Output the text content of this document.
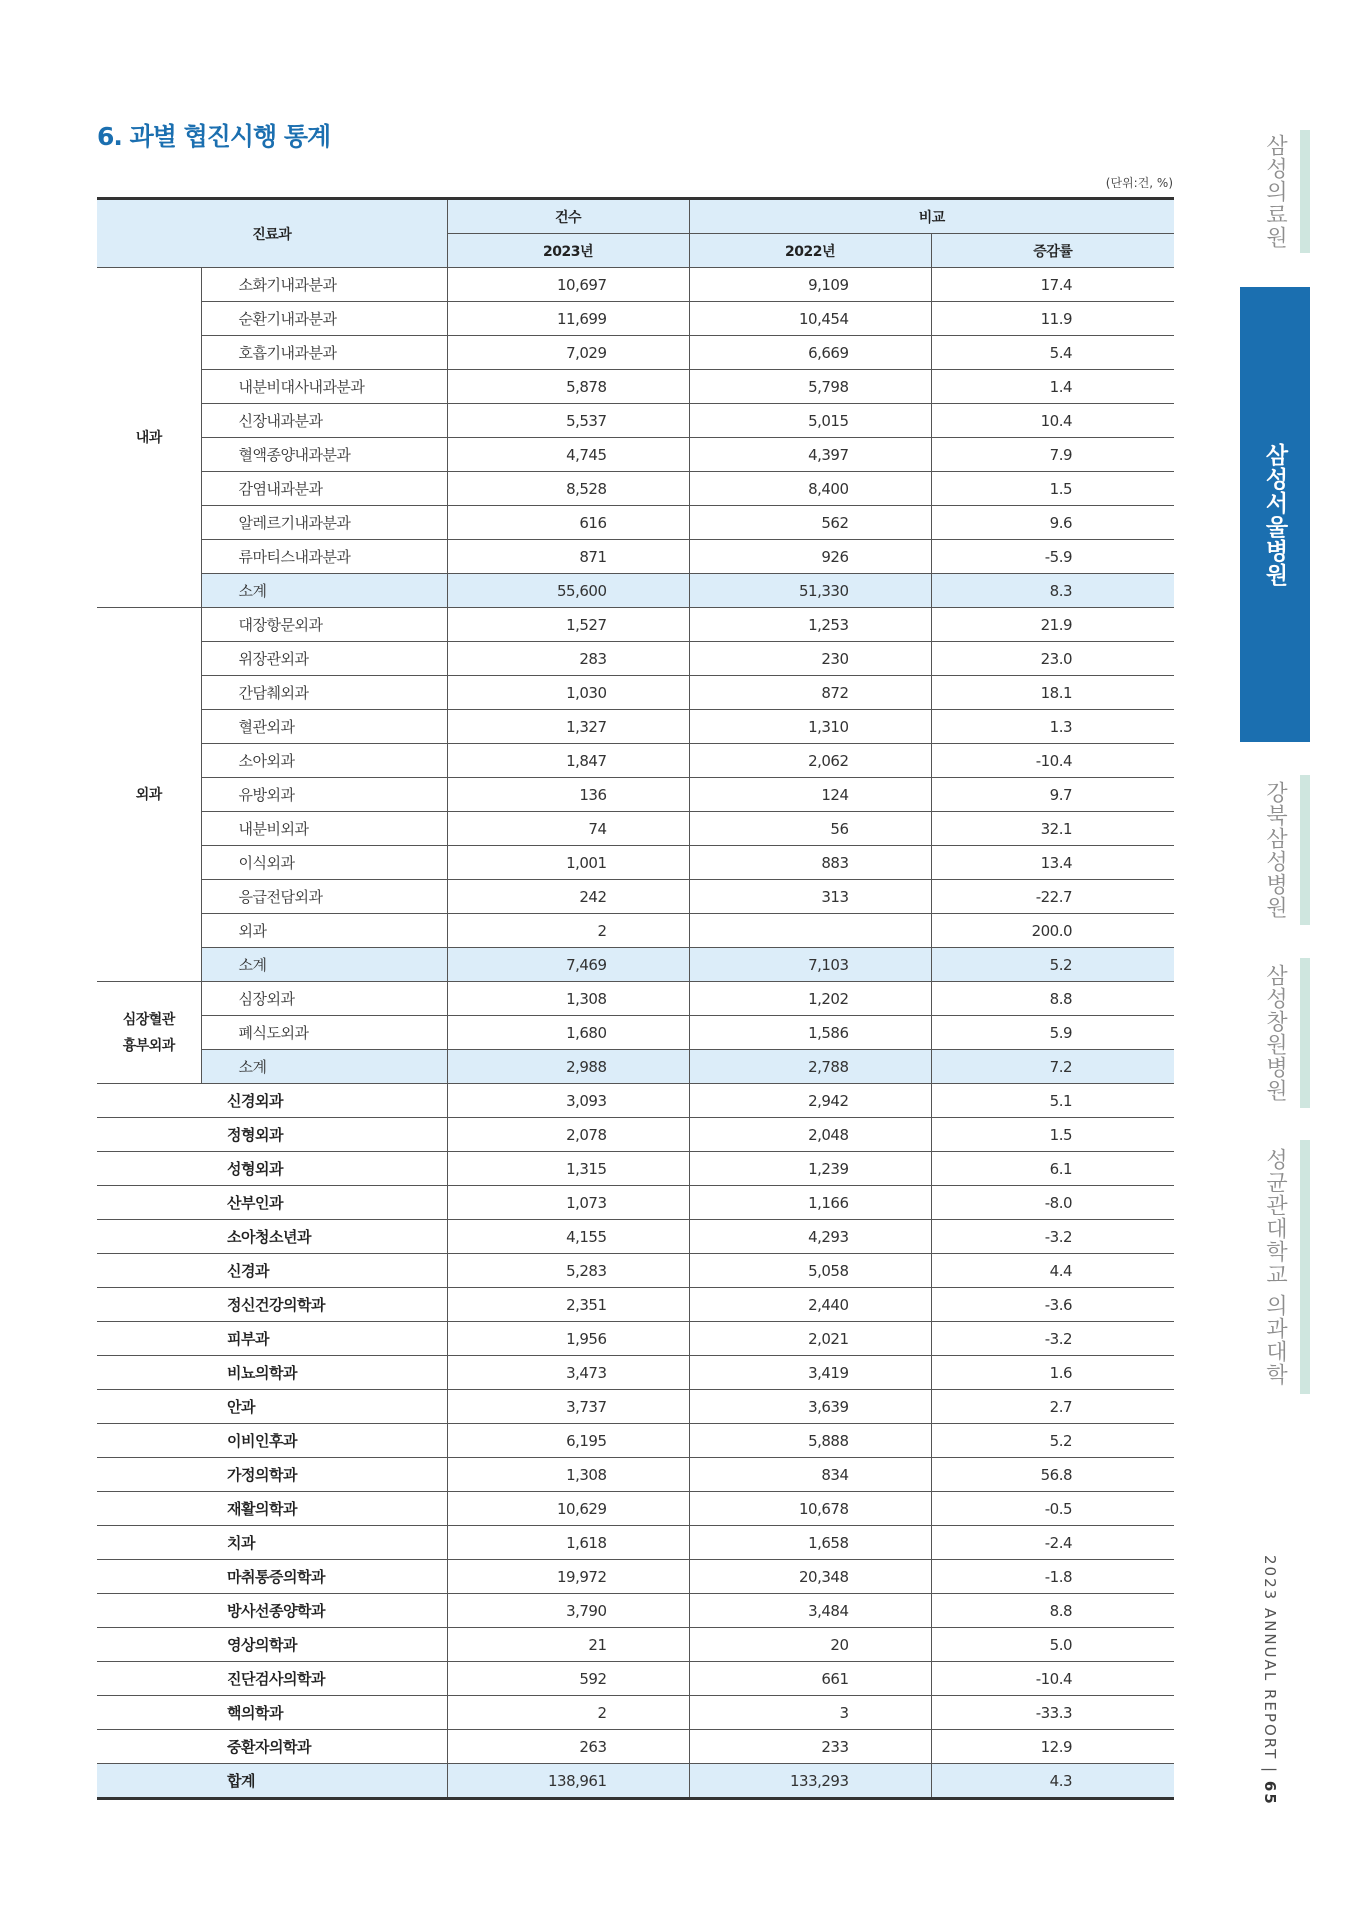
6. 과별 협진시행 통계
(단위:건, %)
진료과		건수	비교	
		2023년	2022년	증감률
내과	소화기내과분과	10,697	9,109	17.4
	순환기내과분과	11,699	10,454	11.9
	호흡기내과분과	7,029	6,669	5.4
	내분비대사내과분과	5,878	5,798	1.4
	신장내과분과	5,537	5,015	10.4
	혈액종양내과분과	4,745	4,397	7.9
	감염내과분과	8,528	8,400	1.5
	알레르기내과분과	616	562	9.6
	류마티스내과분과	871	926	-5.9
	소계	55,600	51,330	8.3
외과	대장항문외과	1,527	1,253	21.9
	위장관외과	283	230	23.0
	간담췌외과	1,030	872	18.1
	혈관외과	1,327	1,310	1.3
	소아외과	1,847	2,062	-10.4
	유방외과	136	124	9.7
	내분비외과	74	56	32.1
	이식외과	1,001	883	13.4
	응급전담외과	242	313	-22.7
	외과	2		200.0
	소계	7,469	7,103	5.2
심장혈관
흉부외과	심장외과	1,308	1,202	8.8
	폐식도외과	1,680	1,586	5.9
	소계	2,988	2,788	7.2
신경외과		3,093	2,942	5.1
정형외과		2,078	2,048	1.5
성형외과		1,315	1,239	6.1
산부인과		1,073	1,166	-8.0
소아청소년과		4,155	4,293	-3.2
신경과		5,283	5,058	4.4
정신건강의학과		2,351	2,440	-3.6
피부과		1,956	2,021	-3.2
비뇨의학과		3,473	3,419	1.6
안과		3,737	3,639	2.7
이비인후과		6,195	5,888	5.2
가정의학과		1,308	834	56.8
재활의학과		10,629	10,678	-0.5
치과		1,618	1,658	-2.4
마취통증의학과		19,972	20,348	-1.8
방사선종양학과		3,790	3,484	8.8
영상의학과		21	20	5.0
진단검사의학과		592	661	-10.4
핵의학과		2	3	-33.3
중환자의학과		263	233	12.9
합계		138,961	133,293	4.3
삼성의료원
삼성서울병원
강북삼성병원
삼성창원병원
성균관대학교 의과대학
2023 ANNUAL REPORT | 65
